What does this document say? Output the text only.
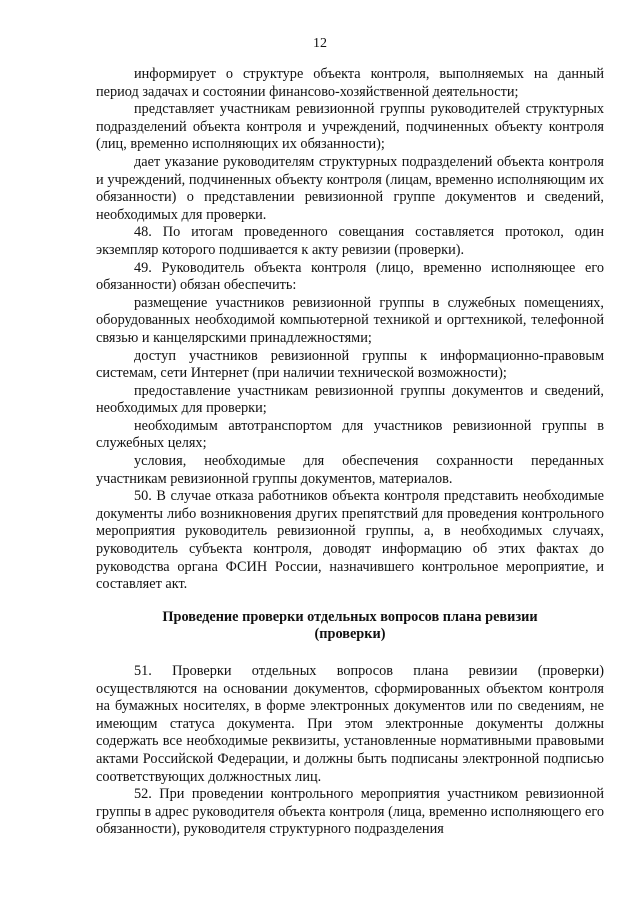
12

информирует о структуре объекта контроля, выполняемых на данный период задачах и состоянии финансово-хозяйственной деятельности;

представляет участникам ревизионной группы руководителей структурных подразделений объекта контроля и учреждений, подчиненных объекту контроля (лиц, временно исполняющих их обязанности);

дает указание руководителям структурных подразделений объекта контроля и учреждений, подчиненных объекту контроля (лицам, временно исполняющим их обязанности) о представлении ревизионной группе документов и сведений, необходимых для проверки.

48. По итогам проведенного совещания составляется протокол, один экземпляр которого подшивается к акту ревизии (проверки).

49. Руководитель объекта контроля (лицо, временно исполняющее его обязанности) обязан обеспечить:

размещение участников ревизионной группы в служебных помещениях, оборудованных необходимой компьютерной техникой и оргтехникой, телефонной связью и канцелярскими принадлежностями;

доступ участников ревизионной группы к информационно-правовым системам, сети Интернет (при наличии технической возможности);

предоставление участникам ревизионной группы документов и сведений, необходимых для проверки;

необходимым автотранспортом для участников ревизионной группы в служебных целях;

условия, необходимые для обеспечения сохранности переданных участникам ревизионной группы документов, материалов.

50. В случае отказа работников объекта контроля представить необходимые документы либо возникновения других препятствий для проведения контрольного мероприятия руководитель ревизионной группы, а, в необходимых случаях, руководитель субъекта контроля, доводят информацию об этих фактах до руководства органа ФСИН России, назначившего контрольное мероприятие, и составляет акт.

Проведение проверки отдельных вопросов плана ревизии
(проверки)

51. Проверки отдельных вопросов плана ревизии (проверки) осуществляются на основании документов, сформированных объектом контроля на бумажных носителях, в форме электронных документов или по сведениям, не имеющим статуса документа. При этом электронные документы должны содержать все необходимые реквизиты, установленные нормативными правовыми актами Российской Федерации, и должны быть подписаны электронной подписью соответствующих должностных лиц.

52. При проведении контрольного мероприятия участником ревизионной группы в адрес руководителя объекта контроля (лица, временно исполняющего его обязанности), руководителя структурного подразделения
